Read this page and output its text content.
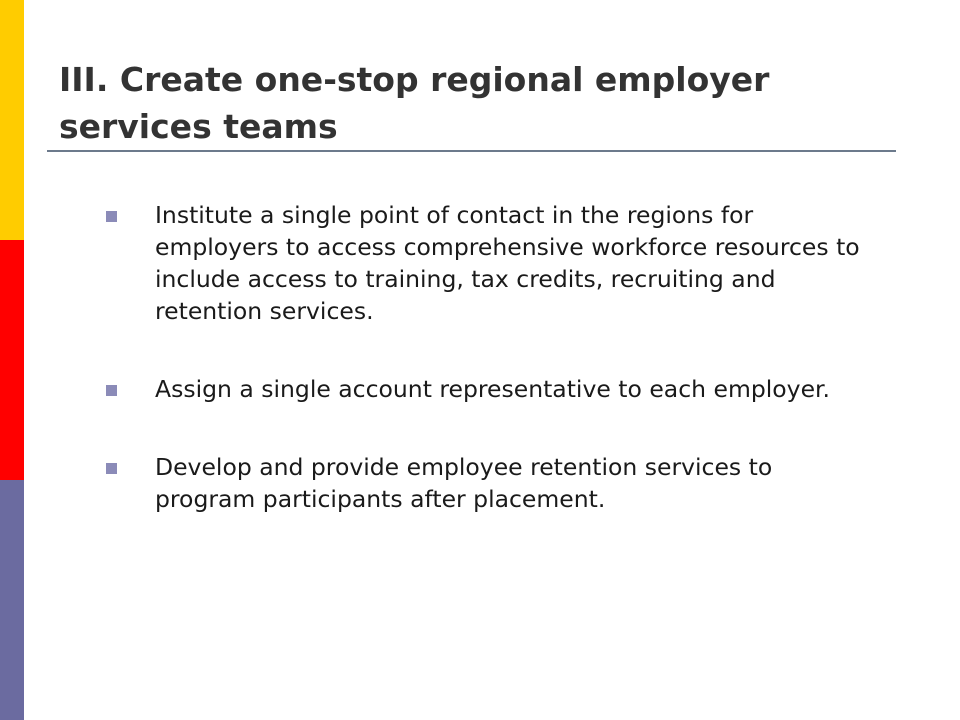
III. Create one-stop regional employer services teams
Institute a single point of contact in the regions for employers to access comprehensive workforce resources to include access to training, tax credits, recruiting and retention services.
Assign a single account representative to each employer.
Develop and provide employee retention services to program participants after placement.
